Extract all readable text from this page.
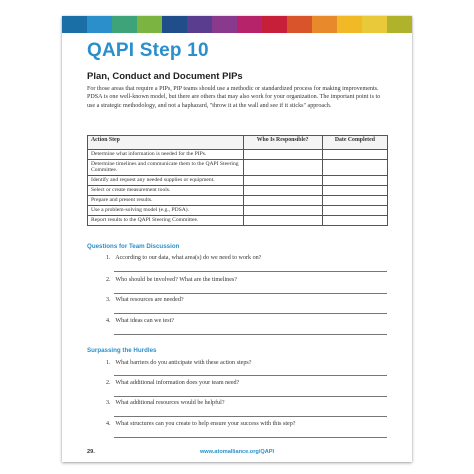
QAPI Step 10
Plan, Conduct and Document PIPs

For those areas that require a PIPs, PIP teams should use a methodic or standardized process for making improvements. PDSA is one well-known model, but there are others that may also work for your organization. The important point is to use a strategic methodology, and not a haphazard, "throw it at the wall and see if it sticks" approach.

Action Step	Who Is Responsible?	Date Completed
Determine what information is needed for the PIPs.		
Determine timelines and communicate them to the QAPI Steering Committee.		
Identify and request any needed supplies or equipment.		
Select or create measurement tools.		
Prepare and present results.		
Use a problem-solving model (e.g., PDSA).		
Report results to the QAPI Steering Committee.		
Questions for Team Discussion
1. According to our data, what area(s) do we need to work on?
2. Who should be involved? What are the timelines?
3. What resources are needed?
4. What ideas can we test?
Surpassing the Hurdles
1. What barriers do you anticipate with these action steps?
2. What additional information does your team need?
3. What additional resources would be helpful?
4. What structures can you create to help ensure your success with this step?
29.	www.atomalliance.org/QAPI
